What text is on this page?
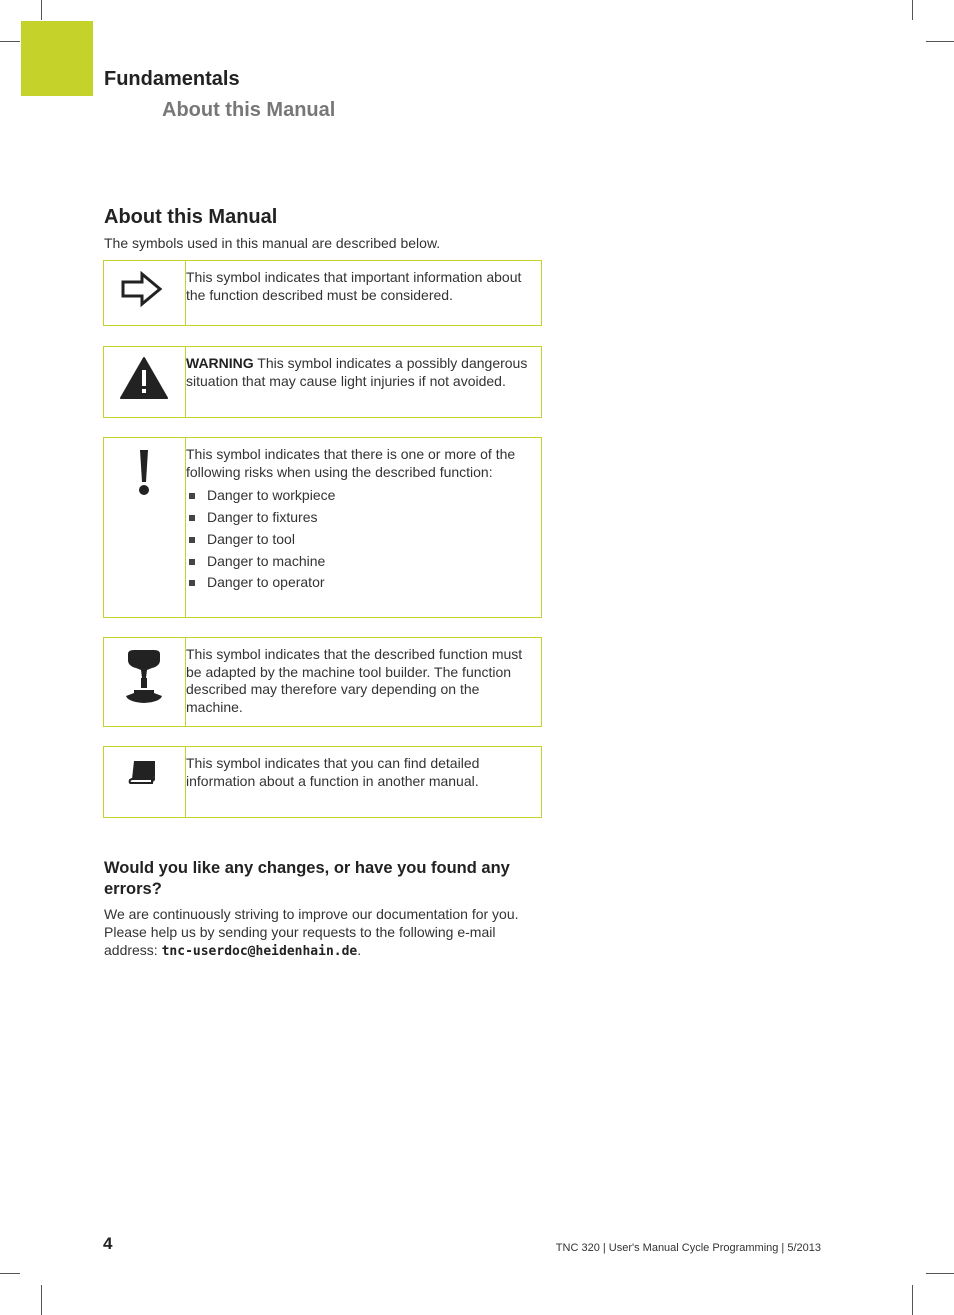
Fundamentals
About this Manual
About this Manual

The symbols used in this manual are described below.

This symbol indicates that important information about the function described must be considered.
WARNING This symbol indicates a possibly dangerous situation that may cause light injuries if not avoided.
This symbol indicates that there is one or more of the following risks when using the described function:
Danger to workpiece
Danger to fixtures
Danger to tool
Danger to machine
Danger to operator
This symbol indicates that the described function must be adapted by the machine tool builder. The function described may therefore vary depending on the machine.
This symbol indicates that you can find detailed information about a function in another manual.
Would you like any changes, or have you found any errors?

We are continuously striving to improve our documentation for you. Please help us by sending your requests to the following e-mail address: tnc-userdoc@heidenhain.de.

4	TNC 320 | User's Manual Cycle Programming | 5/2013
